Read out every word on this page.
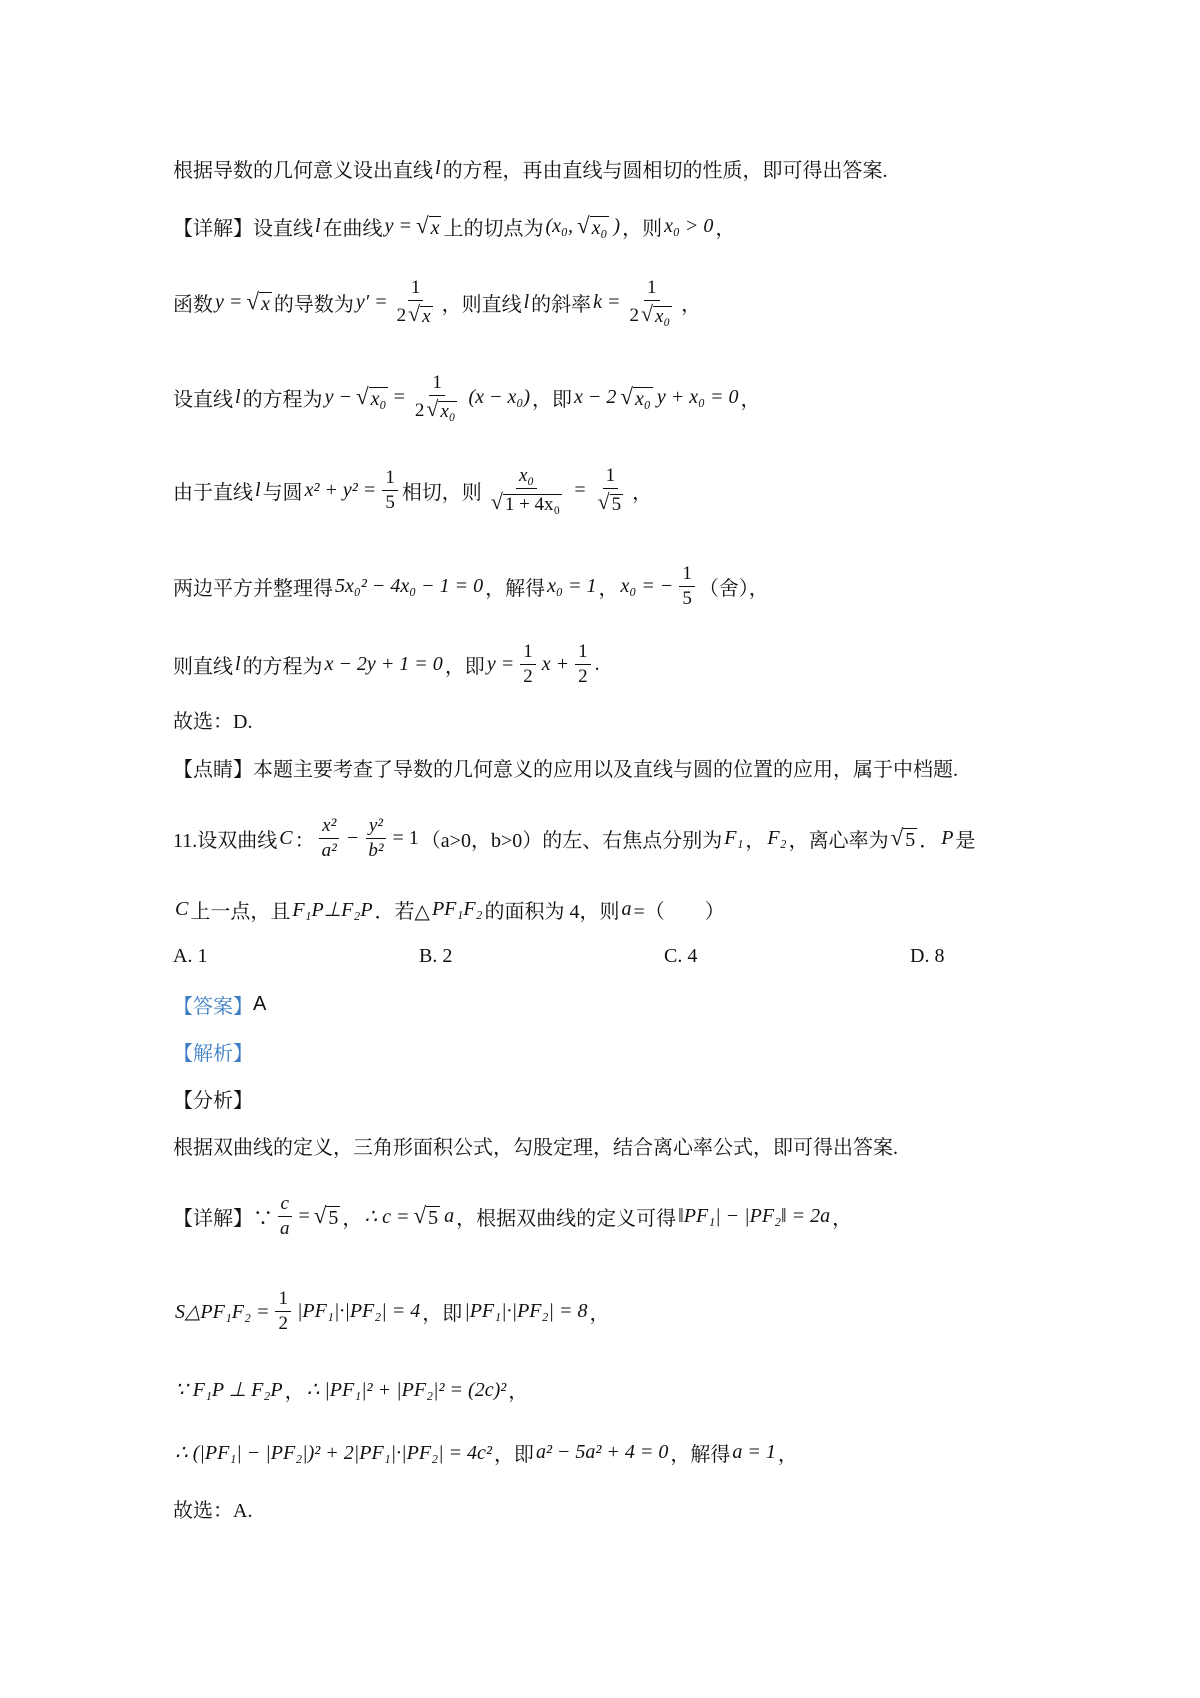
根据导数的几何意义设出直线 l 的方程，再由直线与圆相切的性质，即可得出答案.
【详解】设直线 l 在曲线 y = √ x 上的切点为 (x₀, √ x₀ ) ，则 x₀ > 0 ，
函数 y = √ x 的导数为 $y' = \frac{1}{2 √ x}$ ，则直线 l 的斜率 $k = \frac{1}{\text{2 √ x₀}}$ ，
设直线 l 的方程为 y − √ $x_0 = \frac{1}{\text{2 √ x₀}} (x - x_0)$ ，即 x − 2 √ x₀ y + x₀ = 0 ，
由于直线 l 与圆 $x^2 + y^2 = \frac{1}{5}$ 相切，则 x₀
√ 1 + 4x₀ = 1
√ 5 ，
两边平方并整理得 5x₀² − 4x₀ − 1 = 0 ，解得 x₀ = 1 ， x₀ = − $\frac{1}{5}$ （舍），
则直线 l 的方程为 x − 2y + 1 = 0 ，即 $y = \frac{1}{2}$ $x + \frac{1}{2}$ .
故选：D.
【点睛】本题主要考查了导数的几何意义的应用以及直线与圆的位置的应用，属于中档题.
11.设双曲线 C ： $\frac{\text{x²}}{\text{a²}} - \frac{\text{y²}}{\text{b²}} = 1$ （a>0，b>0）的左、右焦点分别为 F₁ ， F₂ ，离心率为 √ 5 ． P 是
C 上一点，且 F₁P⊥F₂P ．若△ PF₁F₂ 的面积为 4，则 a =（　　）
A. 1	B. 2	C. 4	D. 8
【答案】 A
【解析】
【分析】
根据双曲线的定义，三角形面积公式，勾股定理，结合离心率公式，即可得出答案.
【详解】∵ $\frac{c}{a}$ = √ 5 ， ∴ c = √ 5 a ，根据双曲线的定义可得 ‖PF₁| − |PF₂‖ = 2a ，
S△PF₁F₂ = $\frac{1}{2} |PF_1|\cdot|PF_2| = 4$ ，即 |PF₁|·|PF₂| = 8 ，
∵ F₁P ⊥ F₂P ， ∴ |PF₁|² + |PF₂|² = (2c)² ，
∴ (|PF₁| − |PF₂|)² + 2|PF₁|·|PF₂| = 4c² ，即 a² − 5a² + 4 = 0 ，解得 a = 1 ，
故选：A.
